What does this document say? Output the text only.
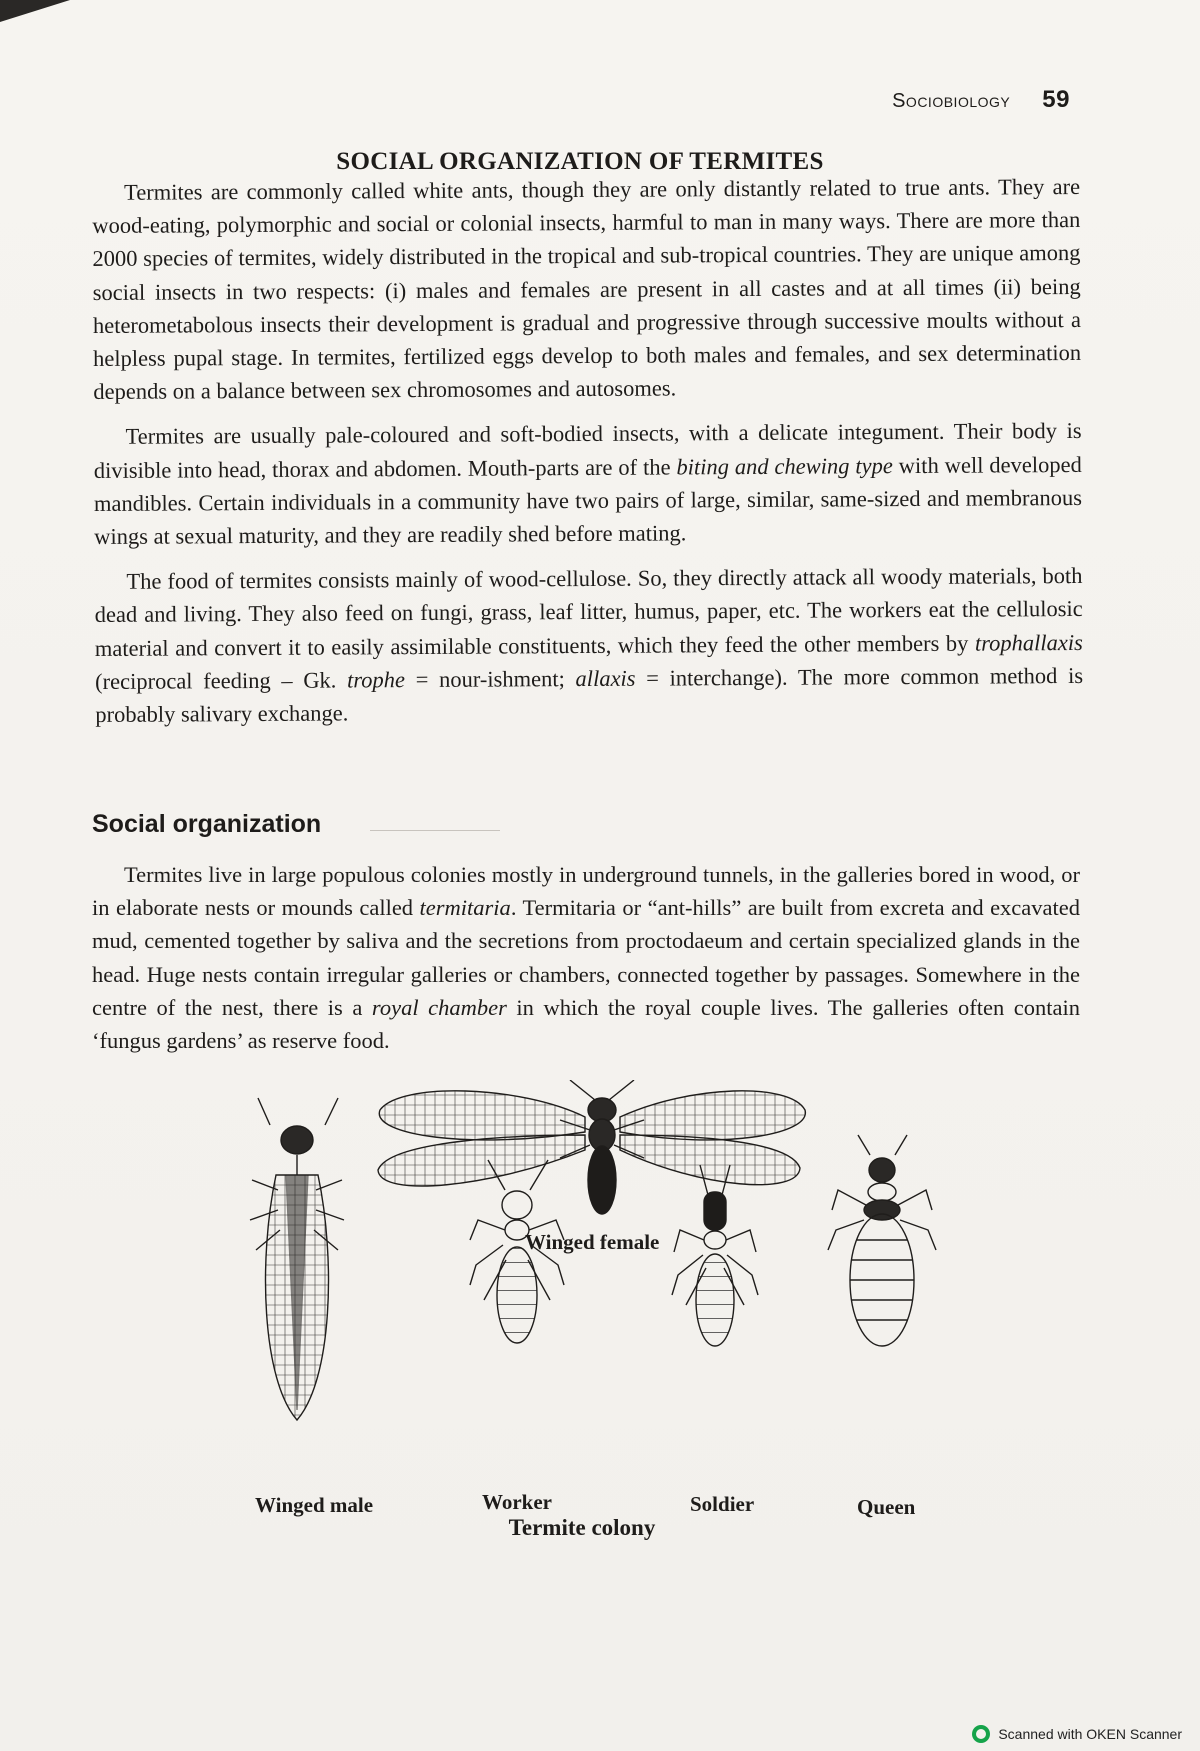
Sociobiology 59
SOCIAL ORGANIZATION OF TERMITES

Termites are commonly called white ants, though they are only distantly related to true ants. They are wood-eating, polymorphic and social or colonial insects, harmful to man in many ways. There are more than 2000 species of termites, widely distributed in the tropical and sub-tropical countries. They are unique among social insects in two respects: (i) males and females are present in all castes and at all times (ii) being heterometabolous insects their development is gradual and progressive through successive moults without a helpless pupal stage. In termites, fertilized eggs develop to both males and females, and sex determination depends on a balance between sex chromosomes and autosomes.

Termites are usually pale-coloured and soft-bodied insects, with a delicate integument. Their body is divisible into head, thorax and abdomen. Mouth-parts are of the biting and chewing type with well developed mandibles. Certain individuals in a community have two pairs of large, similar, same-sized and membranous wings at sexual maturity, and they are readily shed before mating.

The food of termites consists mainly of wood-cellulose. So, they directly attack all woody materials, both dead and living. They also feed on fungi, grass, leaf litter, humus, paper, etc. The workers eat the cellulosic material and convert it to easily assimilable constituents, which they feed the other members by trophallaxis (reciprocal feeding – Gk. trophe = nour-ishment; allaxis = interchange). The more common method is probably salivary exchange.

Social organization

Termites live in large populous colonies mostly in underground tunnels, in the galleries bored in wood, or in elaborate nests or mounds called termitaria. Termitaria or “ant-hills” are built from excreta and excavated mud, cemented together by saliva and the secretions from proctodaeum and certain specialized glands in the head. Huge nests contain irregular galleries or chambers, connected together by passages. Somewhere in the centre of the nest, there is a royal chamber in which the royal couple lives. The galleries often contain ‘fungus gardens’ as reserve food.

Winged female
Winged male	Worker	Soldier	Queen
Termite colony
Scanned with OKEN Scanner
